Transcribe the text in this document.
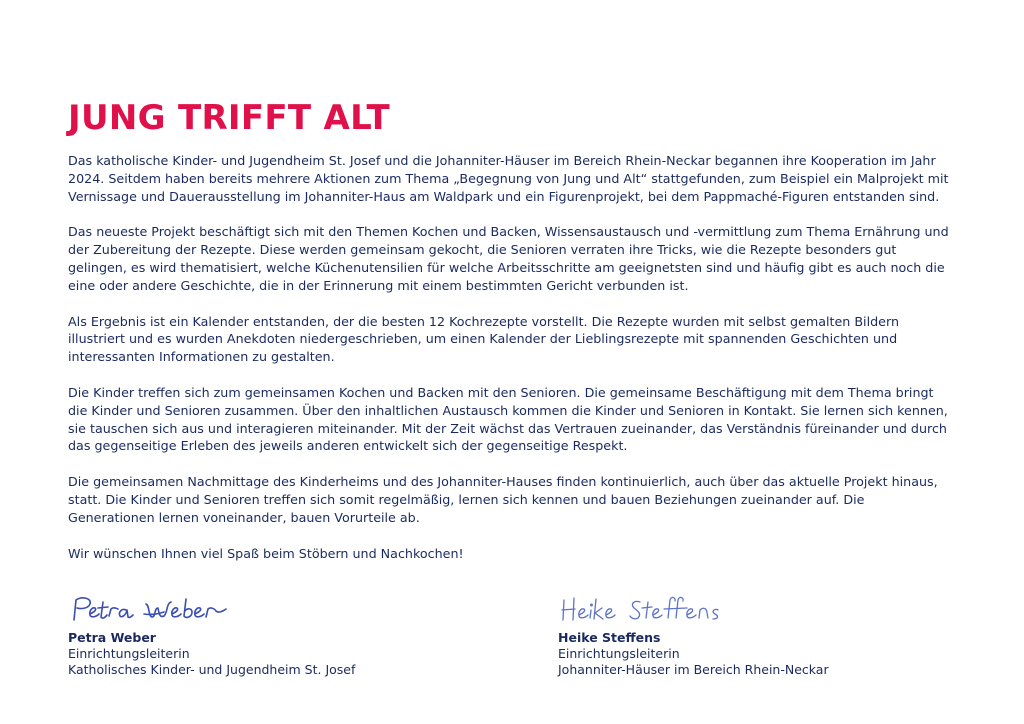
JUNG TRIFFT ALT

Das katholische Kinder- und Jugendheim St. Josef und die Johanniter-Häuser im Bereich Rhein-Neckar begannen ihre Kooperation im Jahr 2024. Seitdem haben bereits mehrere Aktionen zum Thema „Begegnung von Jung und Alt“ stattgefunden, zum Beispiel ein Malprojekt mit Vernissage und Dauerausstellung im Johanniter-Haus am Waldpark und ein Figurenprojekt, bei dem Pappmaché-Figuren entstanden sind.

Das neueste Projekt beschäftigt sich mit den Themen Kochen und Backen, Wissensaustausch und -vermittlung zum Thema Ernährung und der Zubereitung der Rezepte. Diese werden gemeinsam gekocht, die Senioren verraten ihre Tricks, wie die Rezepte besonders gut gelingen, es wird thematisiert, welche Küchenutensilien für welche Arbeitsschritte am geeignetsten sind und häufig gibt es auch noch die eine oder andere Geschichte, die in der Erinnerung mit einem bestimmten Gericht verbunden ist.

Als Ergebnis ist ein Kalender entstanden, der die besten 12 Kochrezepte vorstellt. Die Rezepte wurden mit selbst gemalten Bildern illustriert und es wurden Anekdoten niedergeschrieben, um einen Kalender der Lieblingsrezepte mit spannenden Geschichten und interessanten Informationen zu gestalten.

Die Kinder treffen sich zum gemeinsamen Kochen und Backen mit den Senioren. Die gemeinsame Beschäftigung mit dem Thema bringt die Kinder und Senioren zusammen. Über den inhaltlichen Austausch kommen die Kinder und Senioren in Kontakt. Sie lernen sich kennen, sie tauschen sich aus und interagieren miteinander. Mit der Zeit wächst das Vertrauen zueinander, das Verständnis füreinander und durch das gegenseitige Erleben des jeweils anderen entwickelt sich der gegenseitige Respekt.

Die gemeinsamen Nachmittage des Kinderheims und des Johanniter-Hauses finden kontinuierlich, auch über das aktuelle Projekt hinaus, statt. Die Kinder und Senioren treffen sich somit regelmäßig, lernen sich kennen und bauen Beziehungen zueinander auf. Die Generationen lernen voneinander, bauen Vorurteile ab.

Wir wünschen Ihnen viel Spaß beim Stöbern und Nachkochen!

Petra Weber
Einrichtungsleiterin
Katholisches Kinder- und Jugendheim St. Josef
Heike Steffens
Einrichtungsleiterin
Johanniter-Häuser im Bereich Rhein-Neckar
